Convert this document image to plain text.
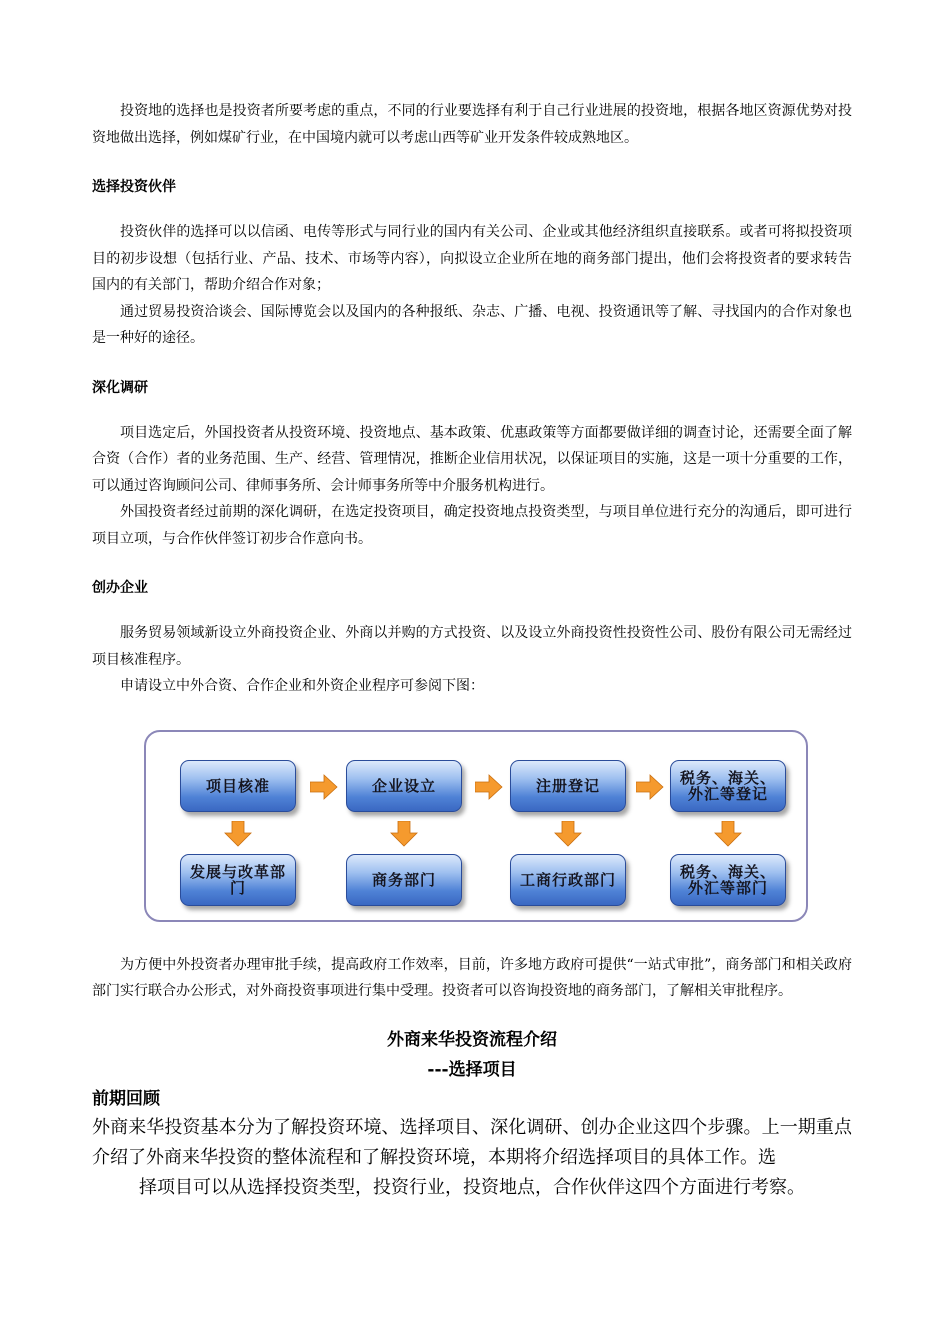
投资地的选择也是投资者所要考虑的重点，不同的行业要选择有利于自己行业进展的投资地，根据各地区资源优势对投资地做出选择，例如煤矿行业，在中国境内就可以考虑山西等矿业开发条件较成熟地区。

选择投资伙伴

投资伙伴的选择可以以信函、电传等形式与同行业的国内有关公司、企业或其他经济组织直接联系。或者可将拟投资项目的初步设想（包括行业、产品、技术、市场等内容），向拟设立企业所在地的商务部门提出，他们会将投资者的要求转告国内的有关部门，帮助介绍合作对象；

通过贸易投资洽谈会、国际博览会以及国内的各种报纸、杂志、广播、电视、投资通讯等了解、寻找国内的合作对象也是一种好的途径。

深化调研

项目选定后，外国投资者从投资环境、投资地点、基本政策、优惠政策等方面都要做详细的调查讨论，还需要全面了解合资（合作）者的业务范围、生产、经营、管理情况，推断企业信用状况，以保证项目的实施，这是一项十分重要的工作，可以通过咨询顾问公司、律师事务所、会计师事务所等中介服务机构进行。

外国投资者经过前期的深化调研，在选定投资项目，确定投资地点投资类型，与项目单位进行充分的沟通后，即可进行项目立项，与合作伙伴签订初步合作意向书。

创办企业

服务贸易领域新设立外商投资企业、外商以并购的方式投资、以及设立外商投资性投资性公司、股份有限公司无需经过项目核准程序。

申请设立中外合资、合作企业和外资企业程序可参阅下图：

项目核准	企业设立	注册登记	税务、海关、外汇等登记
发展与改革部门	商务部门	工商行政部门	税务、海关、外汇等部门

为方便中外投资者办理审批手续，提高政府工作效率，目前，许多地方政府可提供“一站式审批”，商务部门和相关政府部门实行联合办公形式，对外商投资事项进行集中受理。投资者可以咨询投资地的商务部门，了解相关审批程序。

外商来华投资流程介绍
---选择项目
前期回顾

外商来华投资基本分为了解投资环境、选择项目、深化调研、创办企业这四个步骤。上一期重点介绍了外商来华投资的整体流程和了解投资环境，本期将介绍选择项目的具体工作。选
择项目可以从选择投资类型，投资行业，投资地点，合作伙伴这四个方面进行考察。
